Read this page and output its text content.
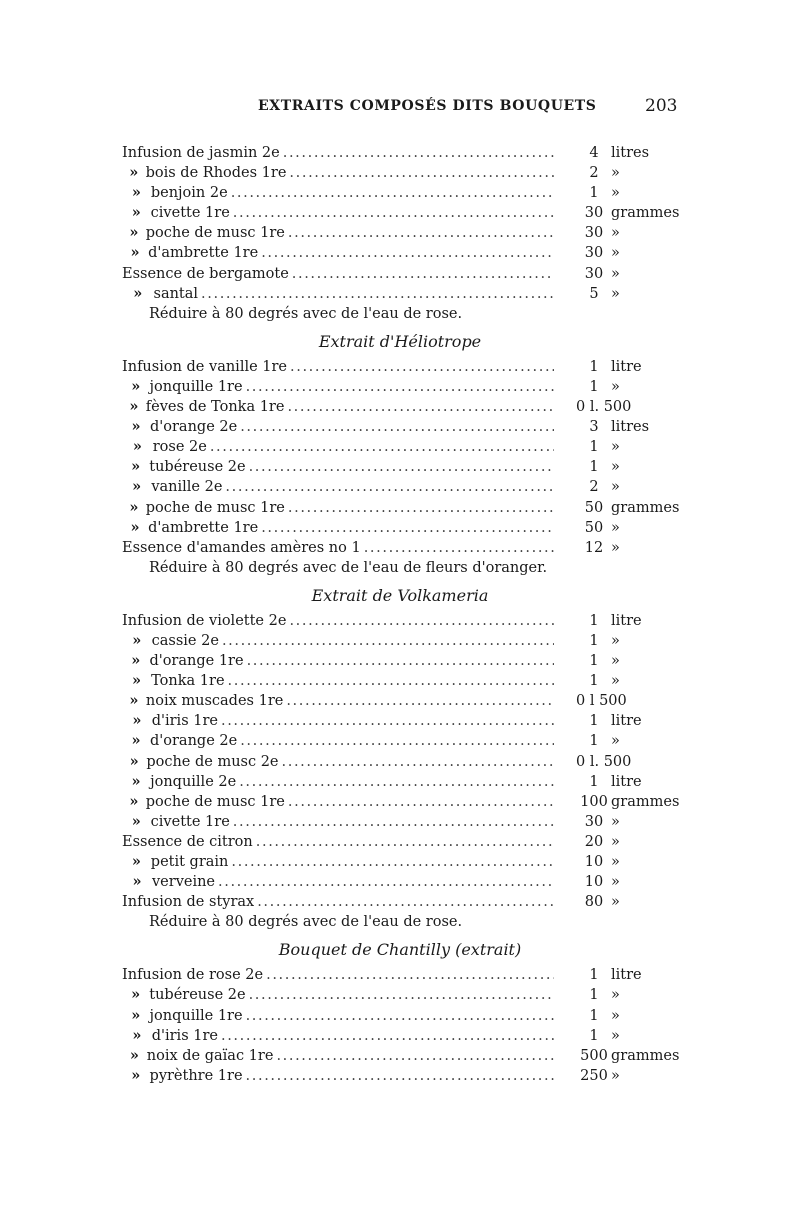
EXTRAITS COMPOSÉS DITS BOUQUETS	203
Infusion de jasmin 2e . . .	4 litres
» bois de Rhodes 1re . . .	2 »
» benjoin 2e . . .	1 »
» civette 1re . . .	30 grammes
» poche de musc 1re . . .	30 »
» d'ambrette 1re . . .	30 »
Essence de bergamote . . .	30 »
» santal . . .	5 »
Réduire à 80 degrés avec de l'eau de rose.
Extrait d'Héliotrope
Infusion de vanille 1re . . .	1 litre
» jonquille 1re . . .	1 »
» fèves de Tonka 1re . . .	0 l. 500
» d'orange 2e . . .	3 litres
» rose 2e . . .	1 »
» tubéreuse 2e . . .	1 »
» vanille 2e . . .	2 »
» poche de musc 1re . . .	50 grammes
» d'ambrette 1re . . .	50 »
Essence d'amandes amères no 1 . . .	12 »
Réduire à 80 degrés avec de l'eau de fleurs d'oranger.
Extrait de Volkameria
Infusion de violette 2e . . .	1 litre
» cassie 2e . . .	1 »
» d'orange 1re . . .	1 »
» Tonka 1re . . .	1 »
» noix muscades 1re . . .	0 l 500
» d'iris 1re . . .	1 litre
» d'orange 2e . . .	1 »
» poche de musc 2e . . .	0 l. 500
» jonquille 2e . . .	1 litre
» poche de musc 1re . . .	100 grammes
» civette 1re . . .	30 »
Essence de citron . . .	20 »
» petit grain . . .	10 »
» verveine . . .	10 »
Infusion de styrax . . .	80 »
Réduire à 80 degrés avec de l'eau de rose.
Bouquet de Chantilly (extrait)
Infusion de rose 2e . . .	1 litre
» tubéreuse 2e . . .	1 »
» jonquille 1re . . .	1 »
» d'iris 1re . . .	1 »
» noix de gaïac 1re . . .	500 grammes
» pyrèthre 1re . . .	250 »
